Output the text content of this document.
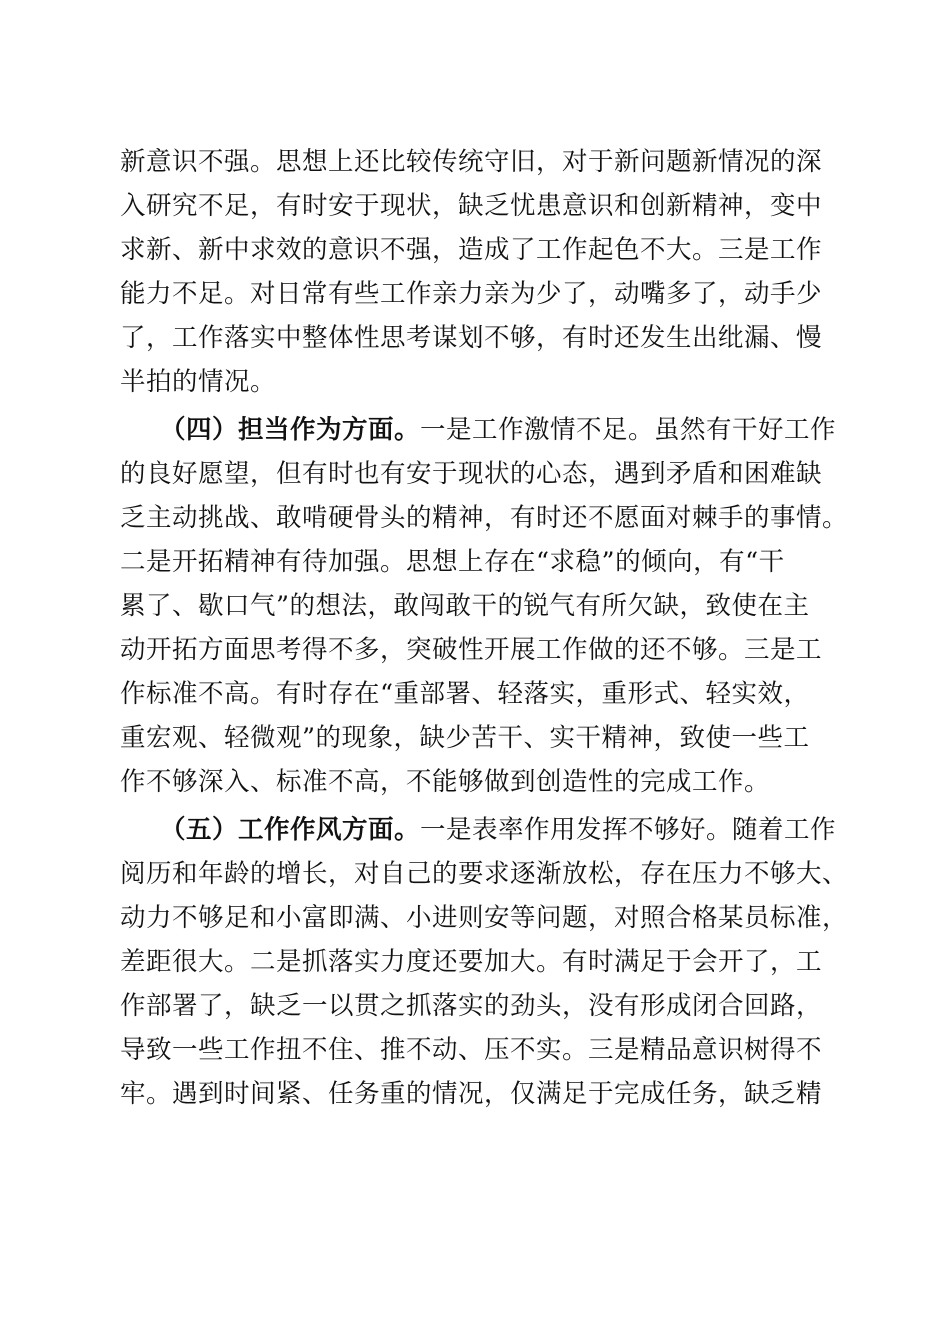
新意识不强。思想上还比较传统守旧，对于新问题新情况的深
入研究不足，有时安于现状，缺乏忧患意识和创新精神，变中
求新、新中求效的意识不强，造成了工作起色不大。三是工作
能力不足。对日常有些工作亲力亲为少了，动嘴多了，动手少
了，工作落实中整体性思考谋划不够，有时还发生出纰漏、慢
半拍的情况。
（四）担当作为方面。一是工作激情不足。虽然有干好工作
的良好愿望，但有时也有安于现状的心态，遇到矛盾和困难缺
乏主动挑战、敢啃硬骨头的精神，有时还不愿面对棘手的事情。
二是开拓精神有待加强。思想上存在“求稳”的倾向，有“干
累了、歇口气”的想法，敢闯敢干的锐气有所欠缺，致使在主
动开拓方面思考得不多，突破性开展工作做的还不够。三是工
作标准不高。有时存在“重部署、轻落实，重形式、轻实效，
重宏观、轻微观”的现象，缺少苦干、实干精神，致使一些工
作不够深入、标准不高，不能够做到创造性的完成工作。
（五）工作作风方面。一是表率作用发挥不够好。随着工作
阅历和年龄的增长，对自己的要求逐渐放松，存在压力不够大、
动力不够足和小富即满、小进则安等问题，对照合格某员标准，
差距很大。二是抓落实力度还要加大。有时满足于会开了，工
作部署了，缺乏一以贯之抓落实的劲头，没有形成闭合回路，
导致一些工作扭不住、推不动、压不实。三是精品意识树得不
牢。遇到时间紧、任务重的情况，仅满足于完成任务，缺乏精
